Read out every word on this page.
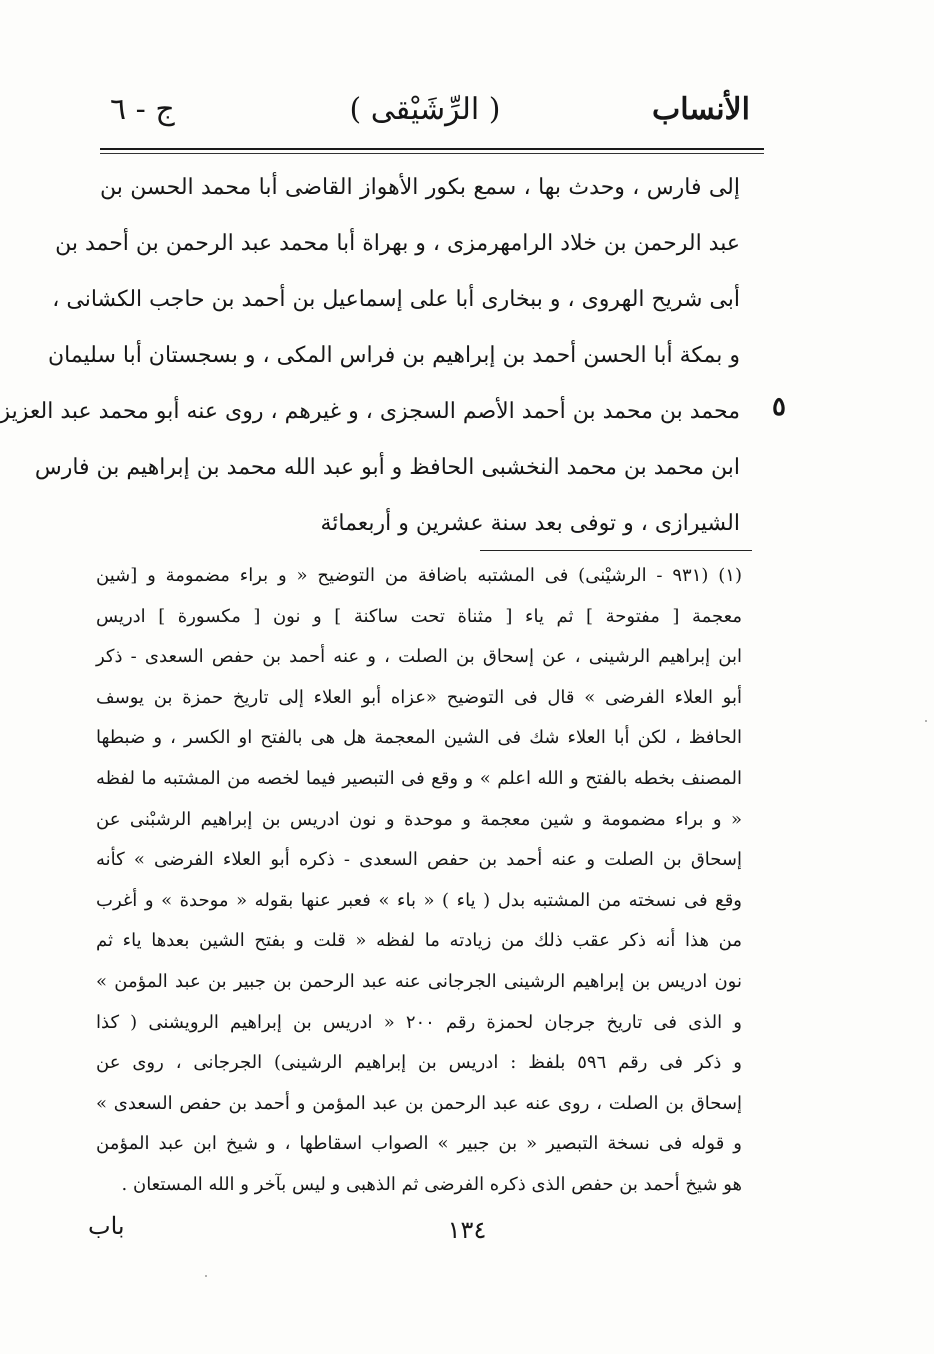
الأنساب
( الرِّشَيْقى )
ج - ٦
إلى فارس ، وحدث بها ، سمع بكور الأهواز القاضى أبا محمد الحسن بن
عبد الرحمن بن خلاد الرامهرمزى ، و بهراة أبا محمد عبد الرحمن بن أحمد بن
أبى شريح الهروى ، و ببخارى أبا على إسماعيل بن أحمد بن حاجب الكشانى ،
و بمكة أبا الحسن أحمد بن إبراهيم بن فراس المكى ، و بسجستان أبا سليمان
محمد بن محمد بن أحمد الأصم السجزى ، و غيرهم ، روى عنه أبو محمد عبد العزيز
ابن محمد بن محمد النخشبى الحافظ و أبو عبد الله محمد بن إبراهيم بن فارس
الشيرازى ، و توفى بعد سنة عشرين و أربعمائة
٥
(١) (٩٣١ - الرشيْنى) فى المشتبه باضافة من التوضيح « و براء مضمومة و [شين
معجمة [ مفتوحة ] ثم ياء [ مثناة تحت ساكنة ] و نون [ مكسورة ] ادريس
ابن إبراهيم الرشينى ، عن إسحاق بن الصلت ، و عنه أحمد بن حفص السعدى - ذكر
أبو العلاء الفرضى » قال فى التوضيح «عزاه أبو العلاء إلى تاريخ حمزة بن يوسف
الحافظ ، لكن أبا العلاء شك فى الشين المعجمة هل هى بالفتح او الكسر ، و ضبطها
المصنف بخطه بالفتح و الله اعلم » و وقع فى التبصير فيما لخصه من المشتبه ما لفظه
« و براء مضمومة و شين معجمة و موحدة و نون ادريس بن إبراهيم الرشبْنى عن
إسحاق بن الصلت و عنه أحمد بن حفص السعدى - ذكره أبو العلاء الفرضى » كأنه
وقع فى نسخته من المشتبه بدل ( ياء ) « باء » فعبر عنها بقوله « موحدة » و أغرب
من هذا أنه ذكر عقب ذلك من زيادته ما لفظه « قلت و بفتح الشين بعدها ياء ثم
نون ادريس بن إبراهيم الرشينى الجرجانى عنه عبد الرحمن بن جبير بن عبد المؤمن »
و الذى فى تاريخ جرجان لحمزة رقم ٢٠٠ « ادريس بن إبراهيم الرويشنى ( كذا
و ذكر فى رقم ٥٩٦ بلفظ : ادريس بن إبراهيم الرشينى) الجرجانى ، روى عن
إسحاق بن الصلت ، روى عنه عبد الرحمن بن عبد المؤمن و أحمد بن حفص السعدى »
و قوله فى نسخة التبصير « بن جبير » الصواب اسقاطها ، و شيخ ابن عبد المؤمن
هو شيخ أحمد بن حفص الذى ذكره الفرضى ثم الذهبى و ليس بآخر و الله المستعان .
١٣٤
باب
